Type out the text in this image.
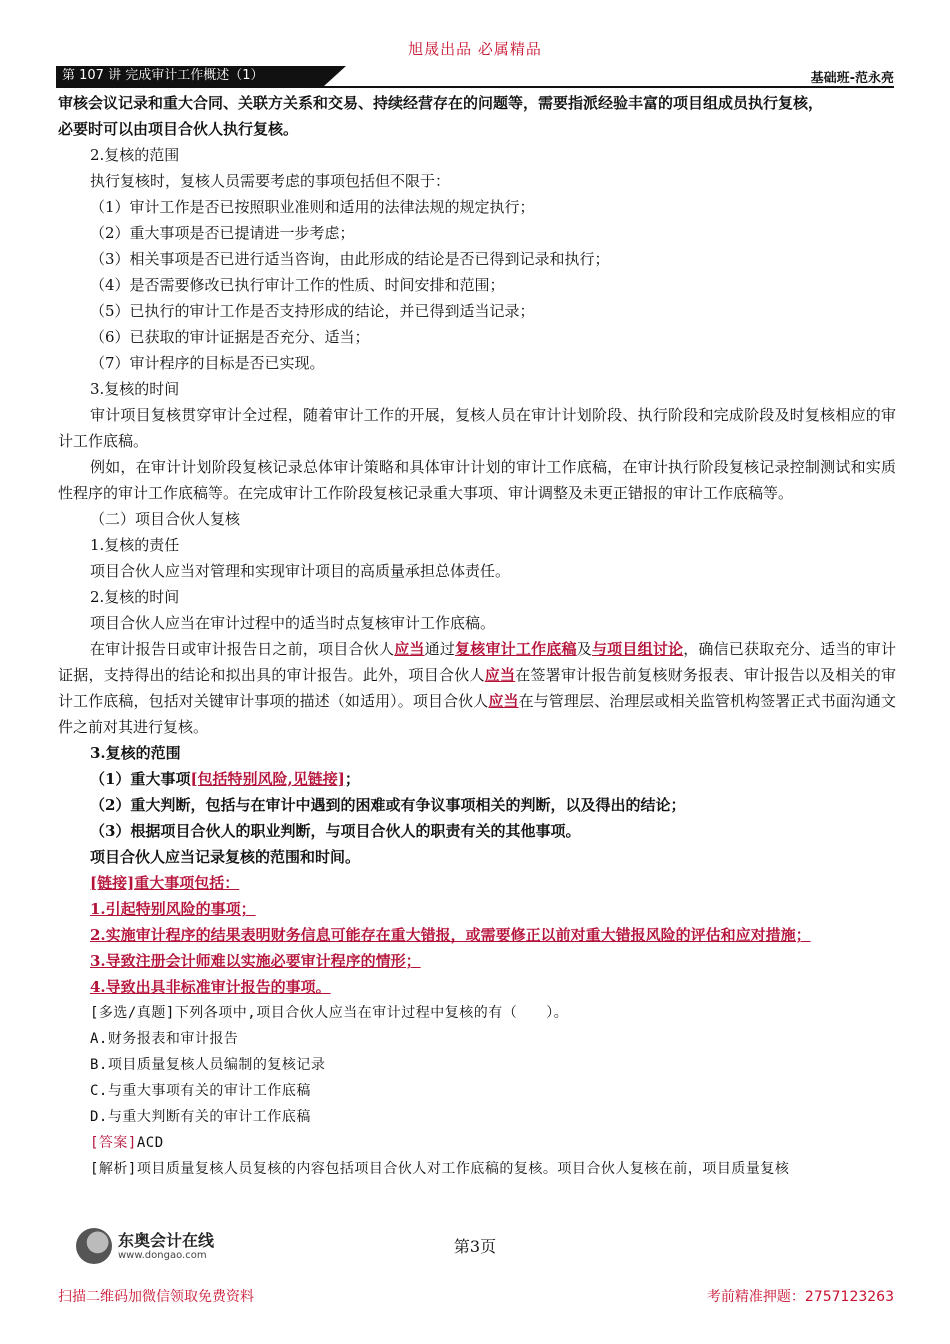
旭晟出品 必属精品
第 107 讲 完成审计工作概述（1）	基础班-范永亮
审核会议记录和重大合同、关联方关系和交易、持续经营存在的问题等，需要指派经验丰富的项目组成员执行复核，
必要时可以由项目合伙人执行复核。
2.复核的范围
执行复核时，复核人员需要考虑的事项包括但不限于：
（1）审计工作是否已按照职业准则和适用的法律法规的规定执行；
（2）重大事项是否已提请进一步考虑；
（3）相关事项是否已进行适当咨询，由此形成的结论是否已得到记录和执行；
（4）是否需要修改已执行审计工作的性质、时间安排和范围；
（5）已执行的审计工作是否支持形成的结论，并已得到适当记录；
（6）已获取的审计证据是否充分、适当；
（7）审计程序的目标是否已实现。
3.复核的时间
审计项目复核贯穿审计全过程，随着审计工作的开展，复核人员在审计计划阶段、执行阶段和完成阶段及时复核相应的审计工作底稿。
例如，在审计计划阶段复核记录总体审计策略和具体审计计划的审计工作底稿，在审计执行阶段复核记录控制测试和实质性程序的审计工作底稿等。在完成审计工作阶段复核记录重大事项、审计调整及未更正错报的审计工作底稿等。
（二）项目合伙人复核
1.复核的责任
项目合伙人应当对管理和实现审计项目的高质量承担总体责任。
2.复核的时间
项目合伙人应当在审计过程中的适当时点复核审计工作底稿。
在审计报告日或审计报告日之前，项目合伙人应当通过复核审计工作底稿及与项目组讨论，确信已获取充分、适当的审计证据，支持得出的结论和拟出具的审计报告。此外，项目合伙人应当在签署审计报告前复核财务报表、审计报告以及相关的审计工作底稿，包括对关键审计事项的描述（如适用）。项目合伙人应当在与管理层、治理层或相关监管机构签署正式书面沟通文件之前对其进行复核。
3.复核的范围
（1）重大事项[包括特别风险,见链接]；
（2）重大判断，包括与在审计中遇到的困难或有争议事项相关的判断，以及得出的结论；
（3）根据项目合伙人的职业判断，与项目合伙人的职责有关的其他事项。
项目合伙人应当记录复核的范围和时间。
[链接]重大事项包括：
1.引起特别风险的事项；
2.实施审计程序的结果表明财务信息可能存在重大错报，或需要修正以前对重大错报风险的评估和应对措施；
3.导致注册会计师难以实施必要审计程序的情形；
4.导致出具非标准审计报告的事项。
[多选/真题]下列各项中,项目合伙人应当在审计过程中复核的有（　　）。
A.财务报表和审计报告
B.项目质量复核人员编制的复核记录
C.与重大事项有关的审计工作底稿
D.与重大判断有关的审计工作底稿
[答案]ACD
[解析]项目质量复核人员复核的内容包括项目合伙人对工作底稿的复核。项目合伙人复核在前，项目质量复核
东奥会计在线
www.dongao.com	第3页
扫描二维码加微信领取免费资料	考前精准押题：2757123263
